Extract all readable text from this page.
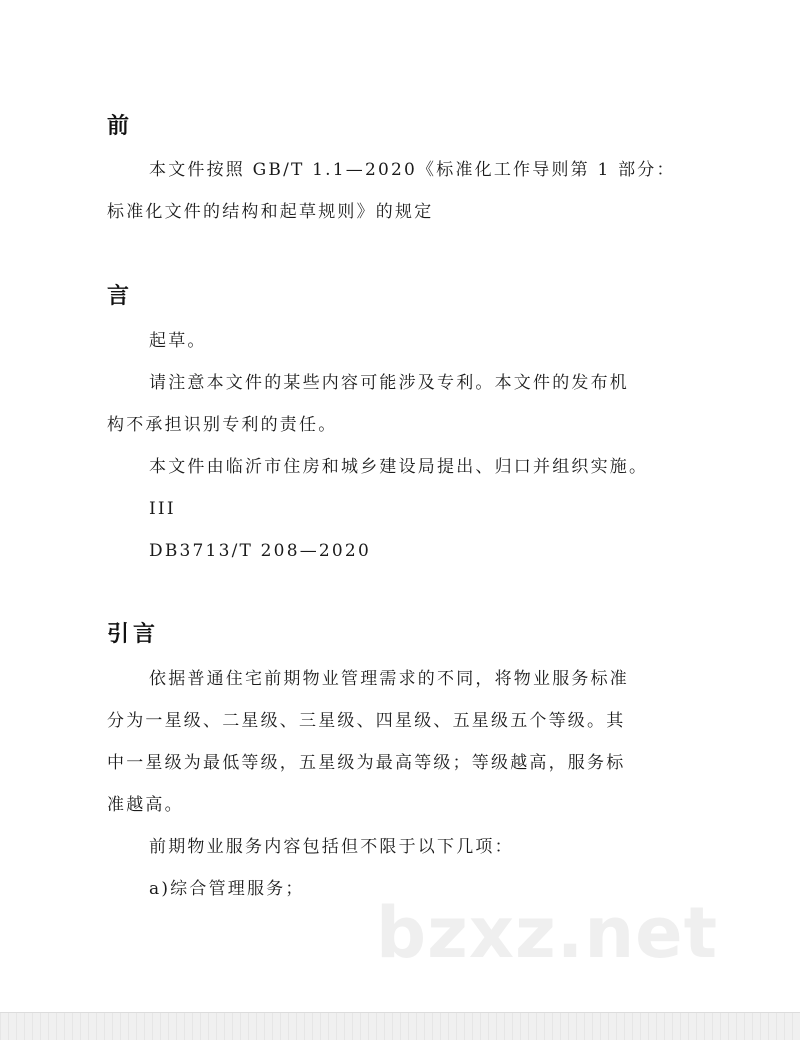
前

本文件按照 GB/T 1.1—2020《标准化工作导则第 1 部分：

标准化文件的结构和起草规则》的规定

言

起草。

请注意本文件的某些内容可能涉及专利。本文件的发布机

构不承担识别专利的责任。

本文件由临沂市住房和城乡建设局提出、归口并组织实施。

III

DB3713/T 208—2020

引言

依据普通住宅前期物业管理需求的不同，将物业服务标准

分为一星级、二星级、三星级、四星级、五星级五个等级。其

中一星级为最低等级，五星级为最高等级；等级越高，服务标

准越高。

前期物业服务内容包括但不限于以下几项：

a)综合管理服务；

bzxz.net
